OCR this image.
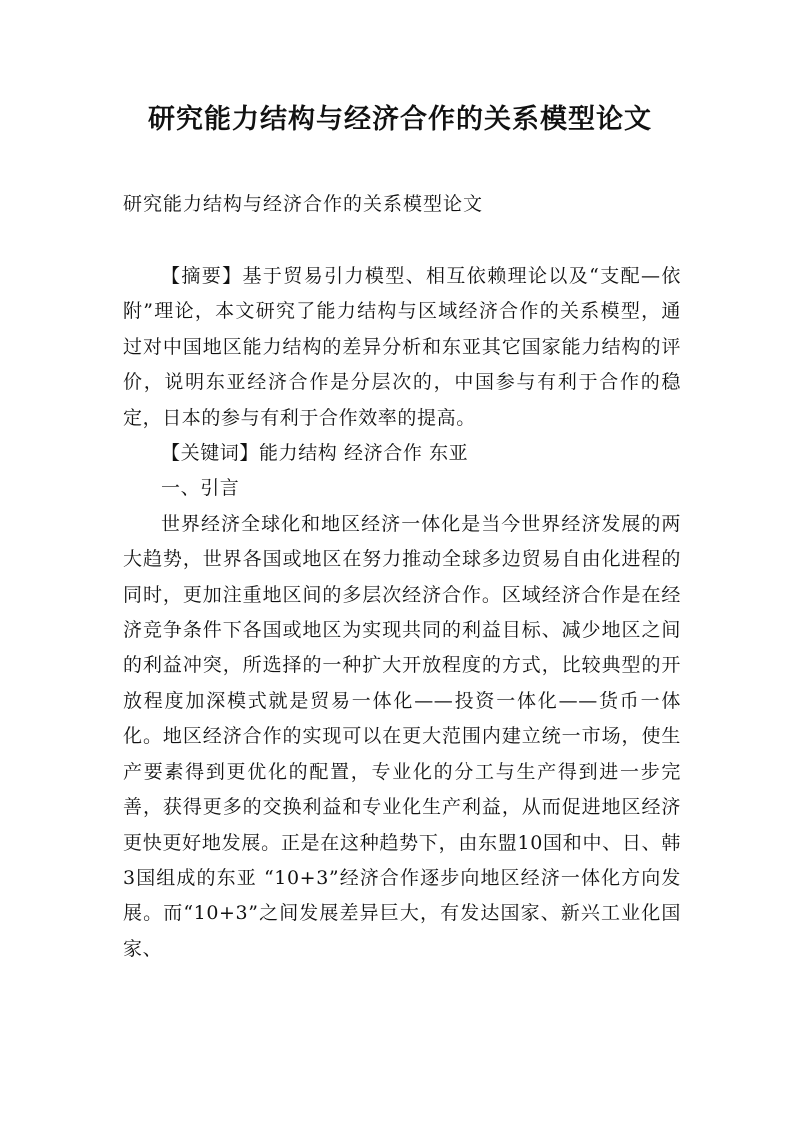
研究能力结构与经济合作的关系模型论文

研究能力结构与经济合作的关系模型论文

【摘要】基于贸易引力模型、相互依赖理论以及“支配—依附”理论，本文研究了能力结构与区域经济合作的关系模型，通过对中国地区能力结构的差异分析和东亚其它国家能力结构的评价，说明东亚经济合作是分层次的，中国参与有利于合作的稳定，日本的参与有利于合作效率的提高。

【关键词】能力结构 经济合作 东亚

一、引言

世界经济全球化和地区经济一体化是当今世界经济发展的两大趋势，世界各国或地区在努力推动全球多边贸易自由化进程的同时，更加注重地区间的多层次经济合作。区域经济合作是在经济竞争条件下各国或地区为实现共同的利益目标、减少地区之间的利益冲突，所选择的一种扩大开放程度的方式，比较典型的开放程度加深模式就是贸易一体化——投资一体化——货币一体化。地区经济合作的实现可以在更大范围内建立统一市场，使生产要素得到更优化的配置，专业化的分工与生产得到进一步完善，获得更多的交换利益和专业化生产利益，从而促进地区经济更快更好地发展。正是在这种趋势下，由东盟10国和中、日、韩3国组成的东亚 “10+3”经济合作逐步向地区经济一体化方向发展。而“10+3”之间发展差异巨大，有发达国家、新兴工业化国家、
